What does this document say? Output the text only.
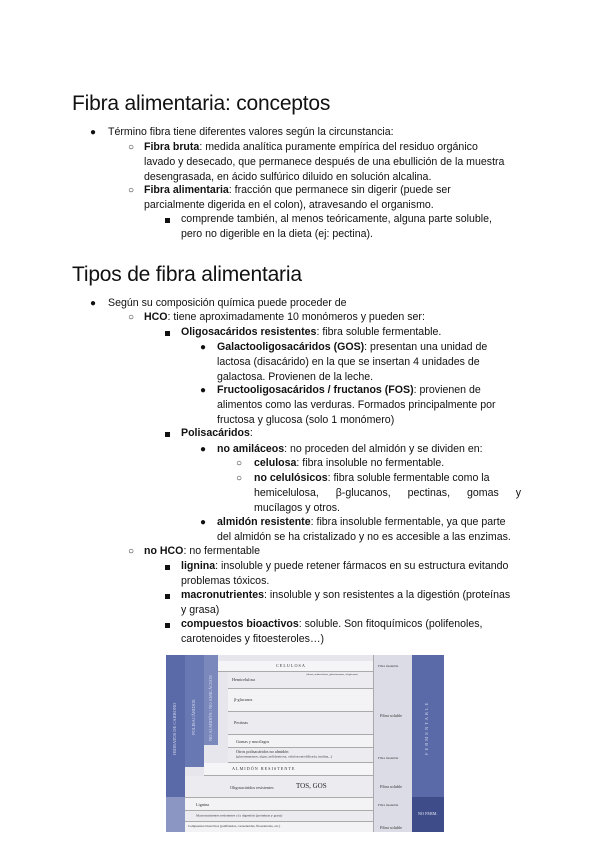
Fibra alimentaria: conceptos
● Término fibra tiene diferentes valores según la circunstancia:
○ Fibra bruta: medida analítica puramente empírica del residuo orgánico
lavado y desecado, que permanece después de una ebullición de la muestra
desengrasada, en ácido sulfúrico diluido en solución alcalina.
○ Fibra alimentaria: fracción que permanece sin digerir (puede ser
parcialmente digerida en el colon), atravesando el organismo.
comprende también, al menos teóricamente, alguna parte soluble,
pero no digerible en la dieta (ej: pectina).
Tipos de fibra alimentaria
● Según su composición química puede proceder de
○ HCO: tiene aproximadamente 10 monómeros y pueden ser:
Oligosacáridos resistentes: fibra soluble fermentable.
● Galactooligosacáridos (GOS): presentan una unidad de
lactosa (disacárido) en la que se insertan 4 unidades de
galactosa. Provienen de la leche.
● Fructooligosacáridos / fructanos (FOS): provienen de
alimentos como las verduras. Formados principalmente por
fructosa y glucosa (solo 1 monómero)
Polisacáridos:
● no amiláceos: no proceden del almidón y se dividen en:
○ celulosa: fibra insoluble no fermentable.
○ no celulósicos: fibra soluble fermentable como la
hemicelulosa, β-glucanos, pectinas, gomas y
mucílagos y otros.
● almidón resistente: fibra insoluble fermentable, ya que parte
del almidón se ha cristalizado y no es accesible a las enzimas.
○ no HCO: no fermentable
lignina: insoluble y puede retener fármacos en su estructura evitando
problemas tóxicos.
macronutrientes: insoluble y son resistentes a la digestión (proteínas
y grasa)
compuestos bioactivos: soluble. Son fitoquímicos (polifenoles,
carotenoides y fitoesteroles…)
HIDRATOS DE CARBONO	POLISACÁRIDOS	NO ALMIDÓN / NO AMILÁCEOS
CELULOSA
Hemicelulosa
(xilanos, arabinoxilanos, galactomananos, xiloglucanos)
β-glucanos
Pectinas
Gomas y mucílagos
Otros polisacáridos no almidón
(glucomananos, algas, polidextrosa, celulosa modificada, inulina...)
ALMIDÓN RESISTENTE
Oligosacáridos resistentes	TOS, GOS
Lignina
Macronutrientes resistentes a la digestión (proteínas y grasa)
Compuestos bioactivos (polifenoles, carotenoides, fitoesteroles, etc.)
Fibra insoluble
Fibra soluble
Fibra insoluble
Fibra soluble
Fibra insoluble
Fibra soluble
FERMENTABLE
NO FERM.
